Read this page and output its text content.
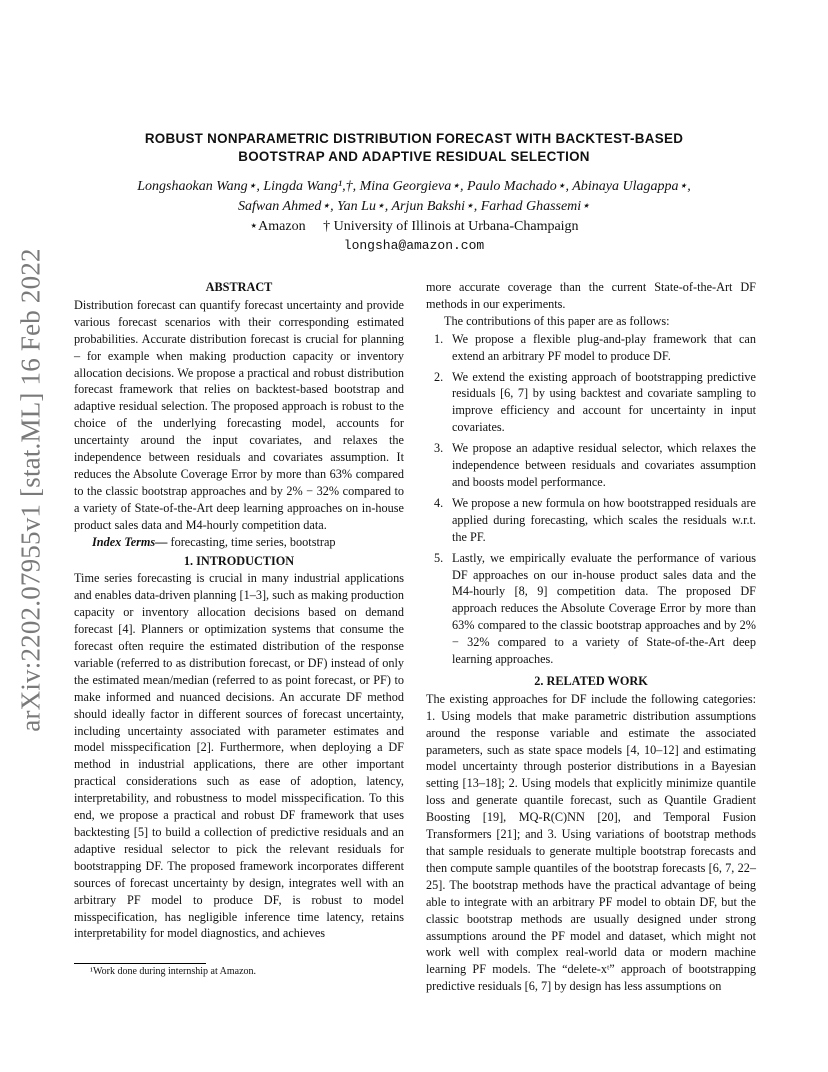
arXiv:2202.07955v1 [stat.ML] 16 Feb 2022
ROBUST NONPARAMETRIC DISTRIBUTION FORECAST WITH BACKTEST-BASED
BOOTSTRAP AND ADAPTIVE RESIDUAL SELECTION
Longshaokan Wang⋆, Lingda Wang¹,†, Mina Georgieva⋆, Paulo Machado⋆, Abinaya Ulagappa⋆,
Safwan Ahmed⋆, Yan Lu⋆, Arjun Bakshi⋆, Farhad Ghassemi⋆
⋆Amazon     † University of Illinois at Urbana-Champaign
longsha@amazon.com
ABSTRACT

Distribution forecast can quantify forecast uncertainty and provide various forecast scenarios with their corresponding estimated probabilities. Accurate distribution forecast is crucial for planning – for example when making production capacity or inventory allocation decisions. We propose a practical and robust distribution forecast framework that relies on backtest-based bootstrap and adaptive residual selection. The proposed approach is robust to the choice of the underlying forecasting model, accounts for uncertainty around the input covariates, and relaxes the independence between residuals and covariates assumption. It reduces the Absolute Coverage Error by more than 63% compared to the classic bootstrap approaches and by 2% − 32% compared to a variety of State-of-the-Art deep learning approaches on in-house product sales data and M4-hourly competition data.

Index Terms— forecasting, time series, bootstrap

1. INTRODUCTION

Time series forecasting is crucial in many industrial applications and enables data-driven planning [1–3], such as making production capacity or inventory allocation decisions based on demand forecast [4]. Planners or optimization systems that consume the forecast often require the estimated distribution of the response variable (referred to as distribution forecast, or DF) instead of only the estimated mean/median (referred to as point forecast, or PF) to make informed and nuanced decisions. An accurate DF method should ideally factor in different sources of forecast uncertainty, including uncertainty associated with parameter estimates and model misspecification [2]. Furthermore, when deploying a DF method in industrial applications, there are other important practical considerations such as ease of adoption, latency, interpretability, and robustness to model misspecification. To this end, we propose a practical and robust DF framework that uses backtesting [5] to build a collection of predictive residuals and an adaptive residual selector to pick the relevant residuals for bootstrapping DF. The proposed framework incorporates different sources of forecast uncertainty by design, integrates well with an arbitrary PF model to produce DF, is robust to model misspecification, has negligible inference time latency, retains interpretability for model diagnostics, and achieves

more accurate coverage than the current State-of-the-Art DF methods in our experiments.

The contributions of this paper are as follows:

1. We propose a flexible plug-and-play framework that can extend an arbitrary PF model to produce DF.
2. We extend the existing approach of bootstrapping predictive residuals [6, 7] by using backtest and covariate sampling to improve efficiency and account for uncertainty in input covariates.
3. We propose an adaptive residual selector, which relaxes the independence between residuals and covariates assumption and boosts model performance.
4. We propose a new formula on how bootstrapped residuals are applied during forecasting, which scales the residuals w.r.t. the PF.
5. Lastly, we empirically evaluate the performance of various DF approaches on our in-house product sales data and the M4-hourly [8, 9] competition data. The proposed DF approach reduces the Absolute Coverage Error by more than 63% compared to the classic bootstrap approaches and by 2% − 32% compared to a variety of State-of-the-Art deep learning approaches.
2. RELATED WORK

The existing approaches for DF include the following categories: 1. Using models that make parametric distribution assumptions around the response variable and estimate the associated parameters, such as state space models [4, 10–12] and estimating model uncertainty through posterior distributions in a Bayesian setting [13–18]; 2. Using models that explicitly minimize quantile loss and generate quantile forecast, such as Quantile Gradient Boosting [19], MQ-R(C)NN [20], and Temporal Fusion Transformers [21]; and 3. Using variations of bootstrap methods that sample residuals to generate multiple bootstrap forecasts and then compute sample quantiles of the bootstrap forecasts [6, 7, 22–25]. The bootstrap methods have the practical advantage of being able to integrate with an arbitrary PF model to obtain DF, but the classic bootstrap methods are usually designed under strong assumptions around the PF model and dataset, which might not work well with complex real-world data or modern machine learning PF models. The “delete-xᵗ” approach of bootstrapping predictive residuals [6, 7] by design has less assumptions on

¹Work done during internship at Amazon.
